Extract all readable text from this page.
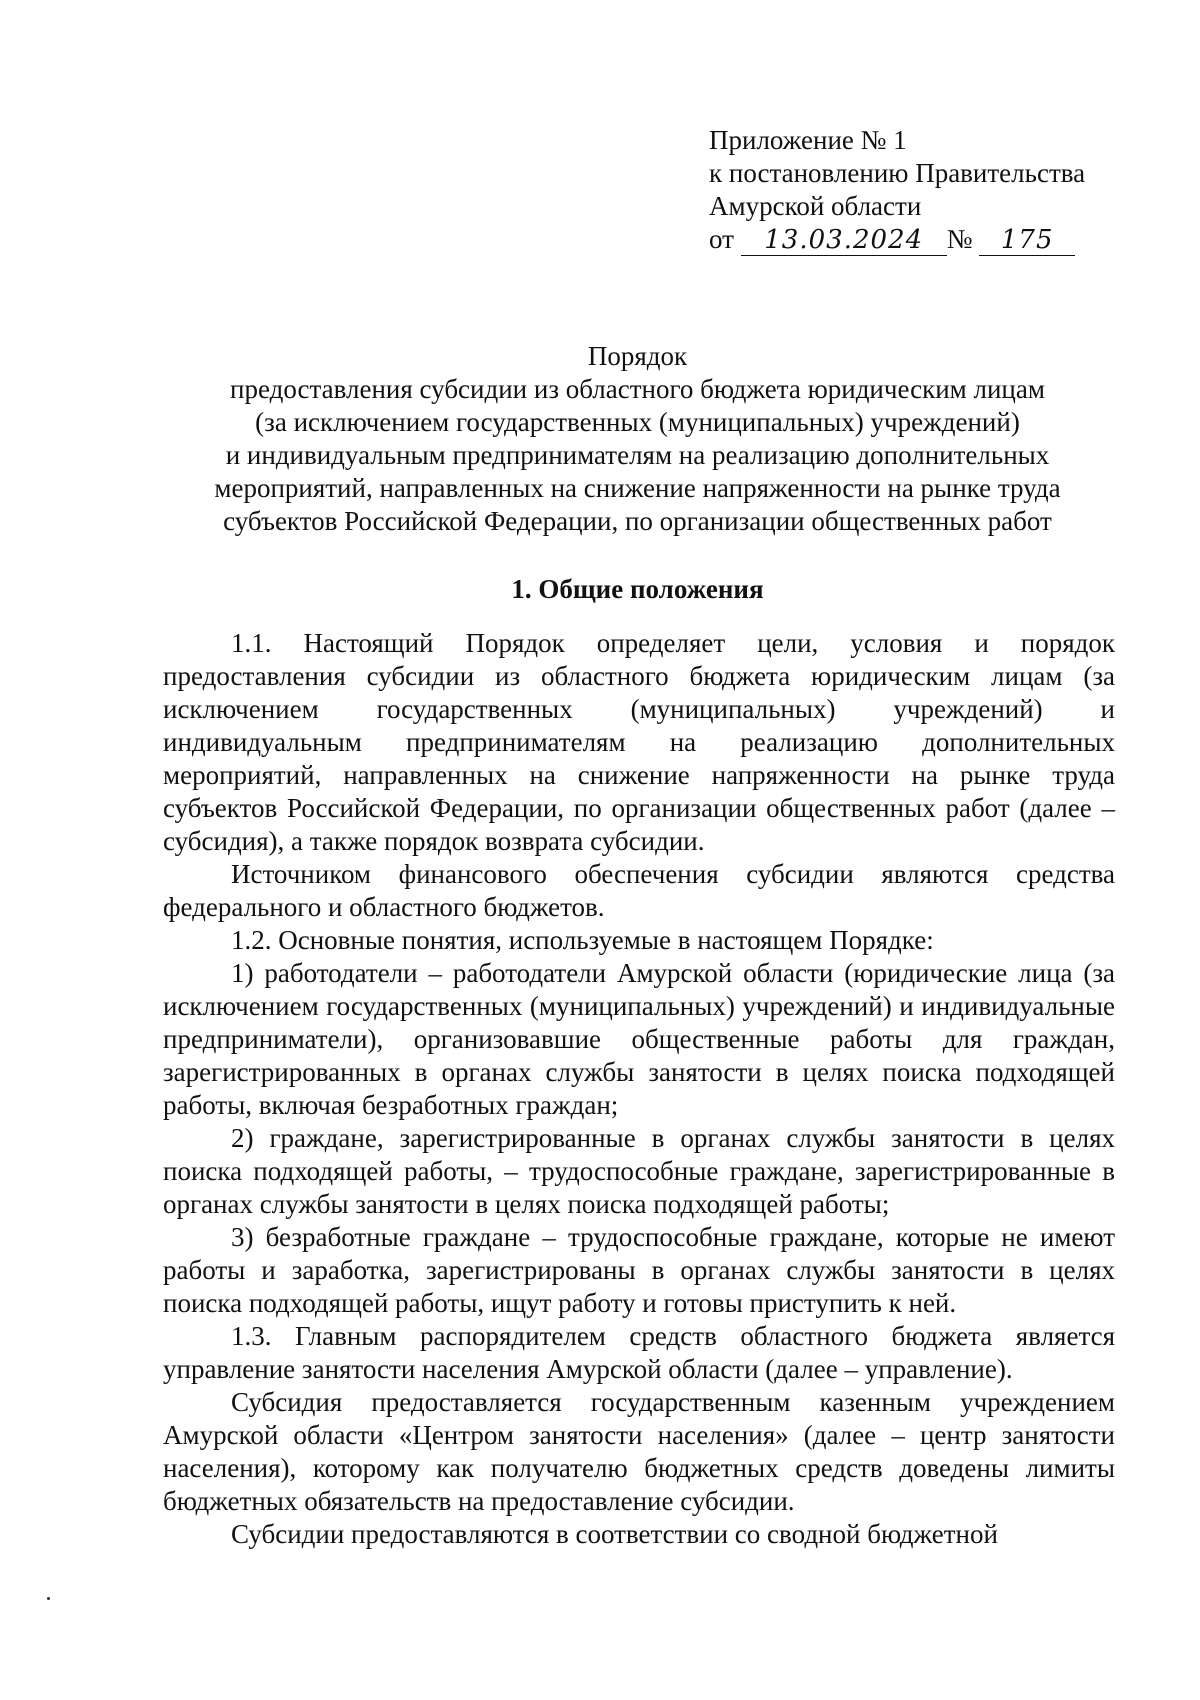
Приложение № 1
к постановлению Правительства
Амурской области
от 13.03.2024 № 175
Порядок
предоставления субсидии из областного бюджета юридическим лицам
(за исключением государственных (муниципальных) учреждений)
и индивидуальным предпринимателям на реализацию дополнительных
мероприятий, направленных на снижение напряженности на рынке труда
субъектов Российской Федерации, по организации общественных работ
1. Общие положения

1.1. Настоящий Порядок определяет цели, условия и порядок предоставления субсидии из областного бюджета юридическим лицам (за исключением государственных (муниципальных) учреждений) и индивидуальным предпринимателям на реализацию дополнительных мероприятий, направленных на снижение напряженности на рынке труда субъектов Российской Федерации, по организации общественных работ (далее – субсидия), а также порядок возврата субсидии.

Источником финансового обеспечения субсидии являются средства федерального и областного бюджетов.

1.2. Основные понятия, используемые в настоящем Порядке:

1) работодатели – работодатели Амурской области (юридические лица (за исключением государственных (муниципальных) учреждений) и индивидуальные предприниматели), организовавшие общественные работы для граждан, зарегистрированных в органах службы занятости в целях поиска подходящей работы, включая безработных граждан;

2) граждане, зарегистрированные в органах службы занятости в целях поиска подходящей работы, – трудоспособные граждане, зарегистрированные в органах службы занятости в целях поиска подходящей работы;

3) безработные граждане – трудоспособные граждане, которые не имеют работы и заработка, зарегистрированы в органах службы занятости в целях поиска подходящей работы, ищут работу и готовы приступить к ней.

1.3. Главным распорядителем средств областного бюджета является управление занятости населения Амурской области (далее – управление).

Субсидия предоставляется государственным казенным учреждением Амурской области «Центром занятости населения» (далее – центр занятости населения), которому как получателю бюджетных средств доведены лимиты бюджетных обязательств на предоставление субсидии.

Субсидии предоставляются в соответствии со сводной бюджетной
